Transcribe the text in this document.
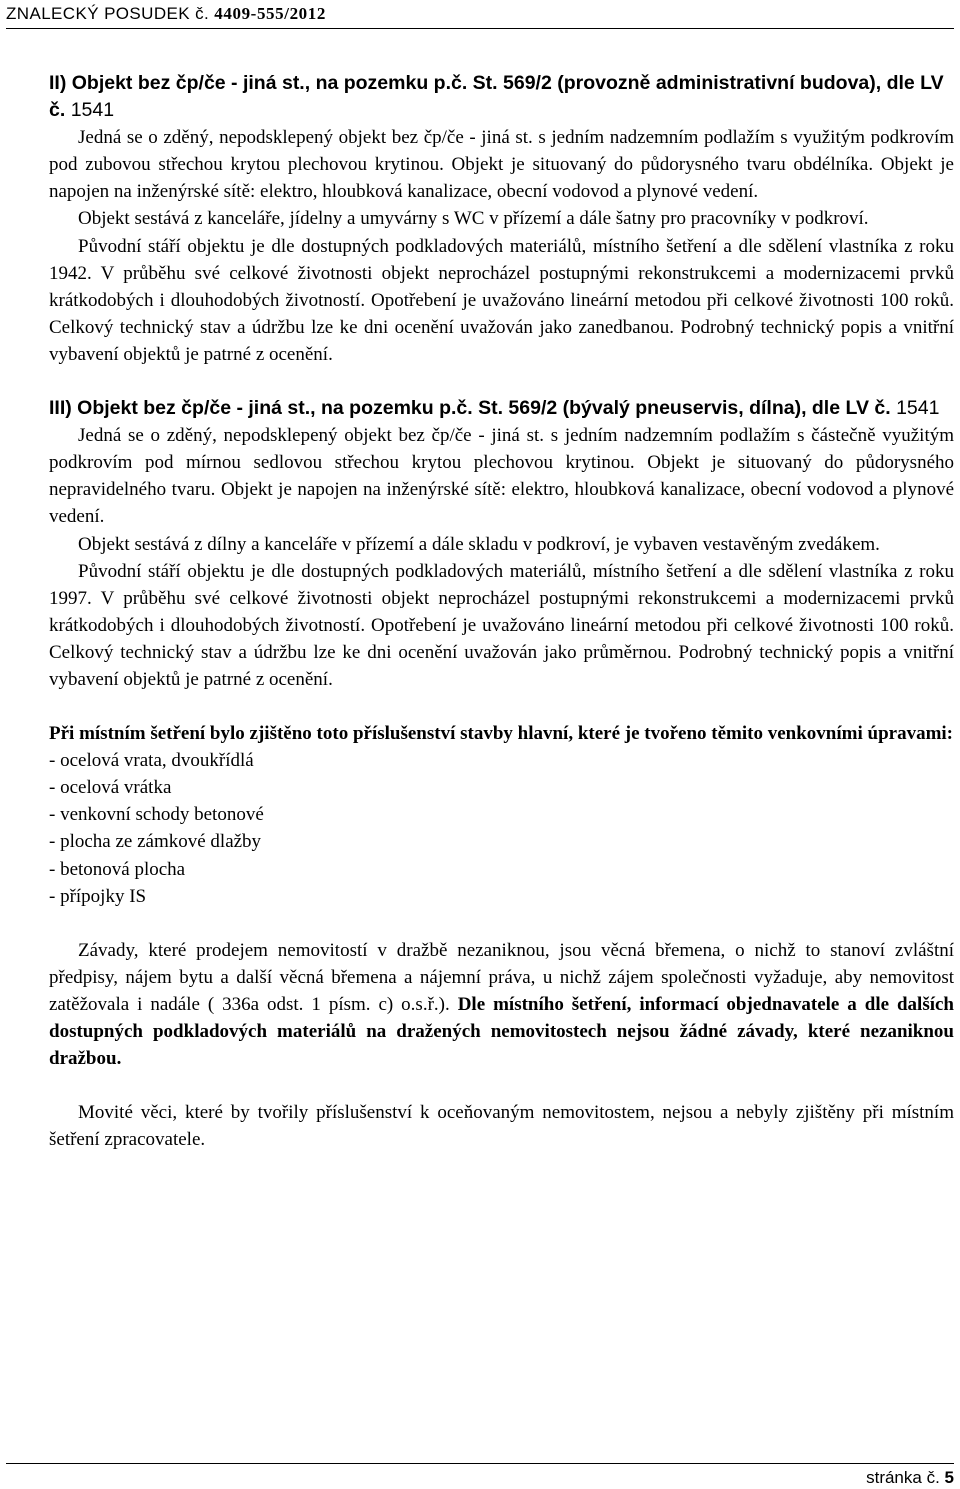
ZNALECKÝ POSUDEK č. 4409-555/2012
II) Objekt bez čp/če - jiná st., na pozemku p.č. St. 569/2 (provozně administrativní budova), dle LV č. 1541

Jedná se o zděný, nepodsklepený objekt bez čp/če - jiná st. s jedním nadzemním podlažím s využitým podkrovím pod zubovou střechou krytou plechovou krytinou. Objekt je situovaný do půdorysného tvaru obdélníka. Objekt je napojen na inženýrské sítě: elektro, hloubková kanalizace, obecní vodovod a plynové vedení.

Objekt sestává z kanceláře, jídelny a umyvárny s WC v přízemí a dále šatny pro pracovníky v podkroví.

Původní stáří objektu je dle dostupných podkladových materiálů, místního šetření a dle sdělení vlastníka z roku 1942. V průběhu své celkové životnosti objekt neprocházel postupnými rekonstrukcemi a modernizacemi prvků krátkodobých i dlouhodobých životností. Opotřebení je uvažováno lineární metodou při celkové životnosti 100 roků. Celkový technický stav a údržbu lze ke dni ocenění uvažován jako zanedbanou. Podrobný technický popis a vnitřní vybavení objektů je patrné z ocenění.

III) Objekt bez čp/če - jiná st., na pozemku p.č. St. 569/2 (bývalý pneuservis, dílna), dle LV č. 1541

Jedná se o zděný, nepodsklepený objekt bez čp/če - jiná st. s jedním nadzemním podlažím s částečně využitým podkrovím pod mírnou sedlovou střechou krytou plechovou krytinou. Objekt je situovaný do půdorysného nepravidelného tvaru. Objekt je napojen na inženýrské sítě: elektro, hloubková kanalizace, obecní vodovod a plynové vedení.

Objekt sestává z dílny a kanceláře v přízemí a dále skladu v podkroví, je vybaven vestavěným zvedákem.

Původní stáří objektu je dle dostupných podkladových materiálů, místního šetření a dle sdělení vlastníka z roku 1997. V průběhu své celkové životnosti objekt neprocházel postupnými rekonstrukcemi a modernizacemi prvků krátkodobých i dlouhodobých životností. Opotřebení je uvažováno lineární metodou při celkové životnosti 100 roků. Celkový technický stav a údržbu lze ke dni ocenění uvažován jako průměrnou. Podrobný technický popis a vnitřní vybavení objektů je patrné z ocenění.

Při místním šetření bylo zjištěno toto příslušenství stavby hlavní, které je tvořeno těmito venkovními úpravami:

- ocelová vrata, dvoukřídlá
- ocelová vrátka
- venkovní schody betonové
- plocha ze zámkové dlažby
- betonová plocha
- přípojky IS

Závady, které prodejem nemovitostí v dražbě nezaniknou, jsou věcná břemena, o nichž to stanoví zvláštní předpisy, nájem bytu a další věcná břemena a nájemní práva, u nichž zájem společnosti vyžaduje, aby nemovitost zatěžovala i nadále ( 336a odst. 1 písm. c) o.s.ř.). Dle místního šetření, informací objednavatele a dle dalších dostupných podkladových materiálů na dražených nemovitostech nejsou žádné závady, které nezaniknou dražbou.

Movité věci, které by tvořily příslušenství k oceňovaným nemovitostem, nejsou a nebyly zjištěny při místním šetření zpracovatele.

stránka č. 5
